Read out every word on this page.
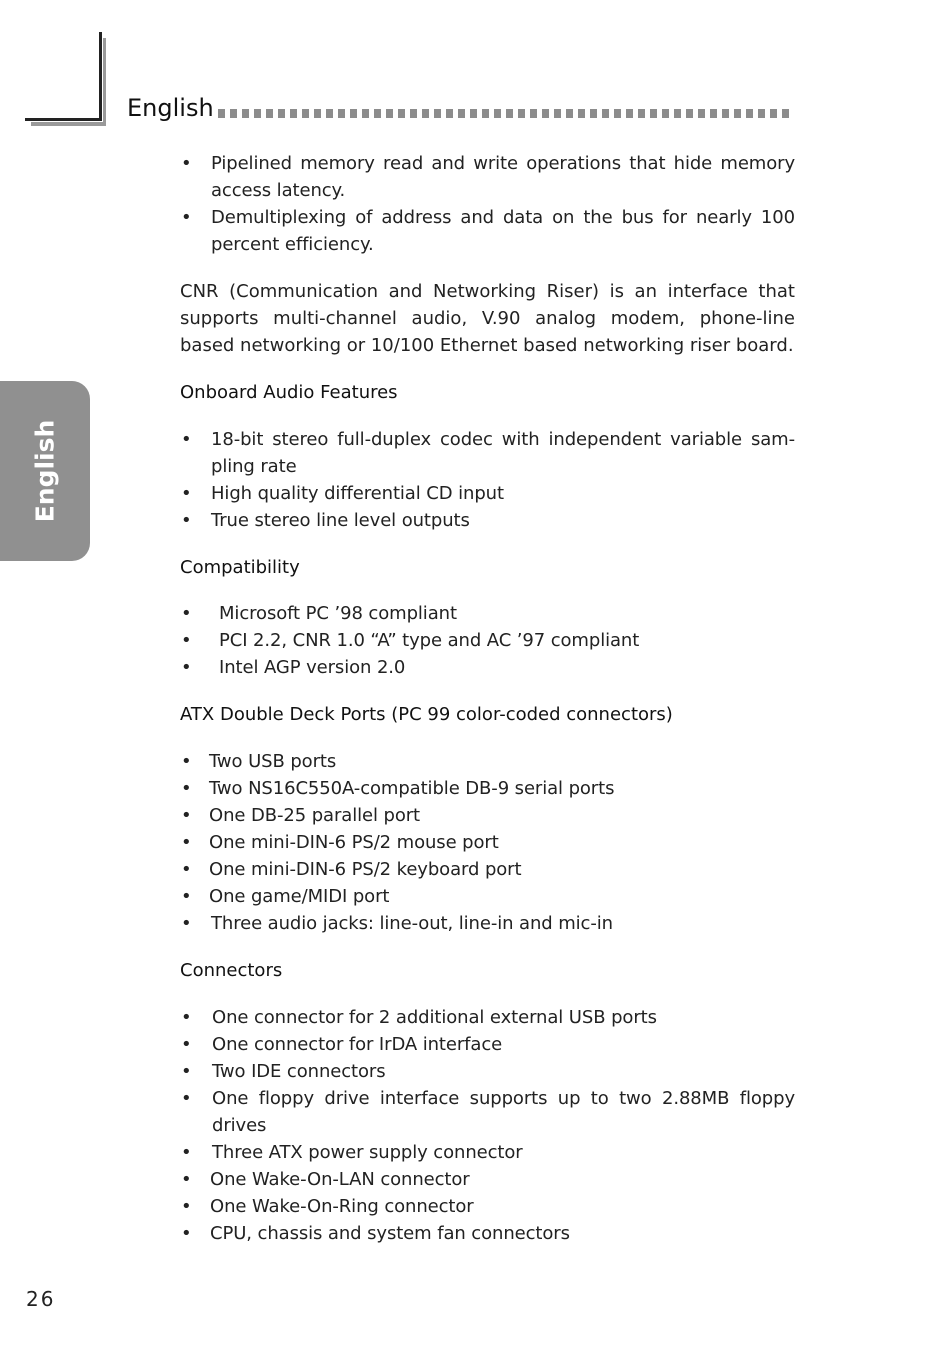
English
English
• Pipelined memory read and write operations that hide memory access latency.
• Demultiplexing of address and data on the bus for nearly 100 percent efficiency.

CNR (Communication and Networking Riser) is an interface that supports multi-channel audio, V.90 analog modem, phone-line based networking or 10/100 Ethernet based networking riser board.

Onboard Audio Features
• 18-bit stereo full-duplex codec with independent variable sam-pling rate
• High quality differential CD input
• True stereo line level outputs
Compatibility
• Microsoft PC ’98 compliant
• PCI 2.2, CNR 1.0 “A” type and AC ’97 compliant
• Intel AGP version 2.0
ATX Double Deck Ports (PC 99 color-coded connectors)
• Two USB ports
• Two NS16C550A-compatible DB-9 serial ports
• One DB-25 parallel port
• One mini-DIN-6 PS/2 mouse port
• One mini-DIN-6 PS/2 keyboard port
• One game/MIDI port
• Three audio jacks: line-out, line-in and mic-in
Connectors
• One connector for 2 additional external USB ports
• One connector for IrDA interface
• Two IDE connectors
• One floppy drive interface supports up to two 2.88MB floppy drives
• Three ATX power supply connector
• One Wake-On-LAN connector
• One Wake-On-Ring connector
• CPU, chassis and system fan connectors
26
